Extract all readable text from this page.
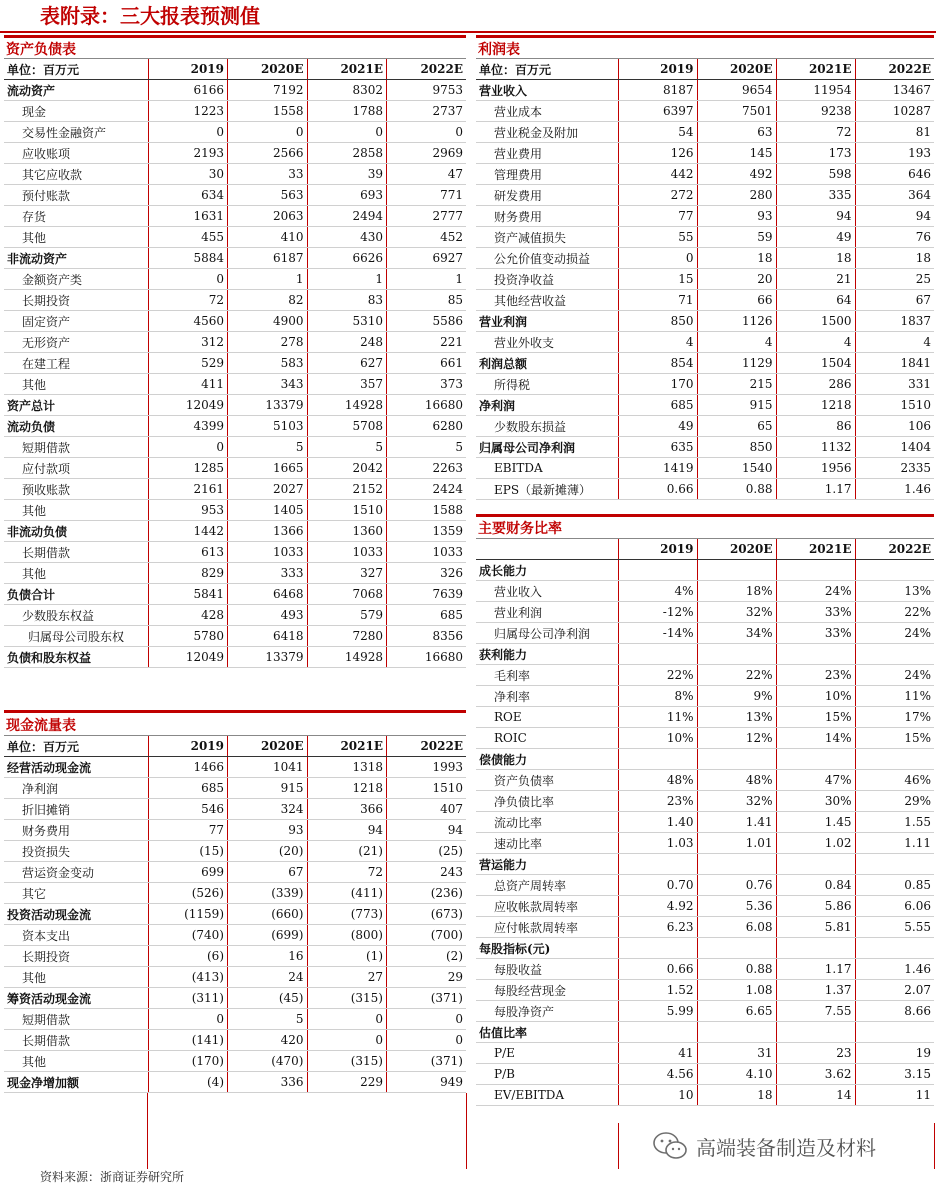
表附录：三大报表预测值
资产负债表
单位：百万元	2019	2020E	2021E	2022E
流动资产	6166	7192	8302	9753
现金	1223	1558	1788	2737
交易性金融资产	0	0	0	0
应收账项	2193	2566	2858	2969
其它应收款	30	33	39	47
预付账款	634	563	693	771
存货	1631	2063	2494	2777
其他	455	410	430	452
非流动资产	5884	6187	6626	6927
金额资产类	0	1	1	1
长期投资	72	82	83	85
固定资产	4560	4900	5310	5586
无形资产	312	278	248	221
在建工程	529	583	627	661
其他	411	343	357	373
资产总计	12049	13379	14928	16680
流动负债	4399	5103	5708	6280
短期借款	0	5	5	5
应付款项	1285	1665	2042	2263
预收账款	2161	2027	2152	2424
其他	953	1405	1510	1588
非流动负债	1442	1366	1360	1359
长期借款	613	1033	1033	1033
其他	829	333	327	326
负债合计	5841	6468	7068	7639
少数股东权益	428	493	579	685
归属母公司股东权	5780	6418	7280	8356
负债和股东权益	12049	13379	14928	16680
现金流量表
单位：百万元	2019	2020E	2021E	2022E
经营活动现金流	1466	1041	1318	1993
净利润	685	915	1218	1510
折旧摊销	546	324	366	407
财务费用	77	93	94	94
投资损失	(15)	(20)	(21)	(25)
营运资金变动	699	67	72	243
其它	(526)	(339)	(411)	(236)
投资活动现金流	(1159)	(660)	(773)	(673)
资本支出	(740)	(699)	(800)	(700)
长期投资	(6)	16	(1)	(2)
其他	(413)	24	27	29
筹资活动现金流	(311)	(45)	(315)	(371)
短期借款	0	5	0	0
长期借款	(141)	420	0	0
其他	(170)	(470)	(315)	(371)
现金净增加额	(4)	336	229	949
利润表
单位：百万元	2019	2020E	2021E	2022E
营业收入	8187	9654	11954	13467
营业成本	6397	7501	9238	10287
营业税金及附加	54	63	72	81
营业费用	126	145	173	193
管理费用	442	492	598	646
研发费用	272	280	335	364
财务费用	77	93	94	94
资产减值损失	55	59	49	76
公允价值变动损益	0	18	18	18
投资净收益	15	20	21	25
其他经营收益	71	66	64	67
营业利润	850	1126	1500	1837
营业外收支	4	4	4	4
利润总额	854	1129	1504	1841
所得税	170	215	286	331
净利润	685	915	1218	1510
少数股东损益	49	65	86	106
归属母公司净利润	635	850	1132	1404
EBITDA	1419	1540	1956	2335
EPS（最新摊薄）	0.66	0.88	1.17	1.46
主要财务比率
	2019	2020E	2021E	2022E
成长能力				
营业收入	4%	18%	24%	13%
营业利润	-12%	32%	33%	22%
归属母公司净利润	-14%	34%	33%	24%
获利能力				
毛利率	22%	22%	23%	24%
净利率	8%	9%	10%	11%
ROE	11%	13%	15%	17%
ROIC	10%	12%	14%	15%
偿债能力				
资产负债率	48%	48%	47%	46%
净负债比率	23%	32%	30%	29%
流动比率	1.40	1.41	1.45	1.55
速动比率	1.03	1.01	1.02	1.11
营运能力				
总资产周转率	0.70	0.76	0.84	0.85
应收帐款周转率	4.92	5.36	5.86	6.06
应付帐款周转率	6.23	6.08	5.81	5.55
每股指标(元)				
每股收益	0.66	0.88	1.17	1.46
每股经营现金	1.52	1.08	1.37	2.07
每股净资产	5.99	6.65	7.55	8.66
估值比率				
P/E	41	31	23	19
P/B	4.56	4.10	3.62	3.15
EV/EBITDA	10	18	14	11
资料来源：浙商证券研究所
高端装备制造及材料
